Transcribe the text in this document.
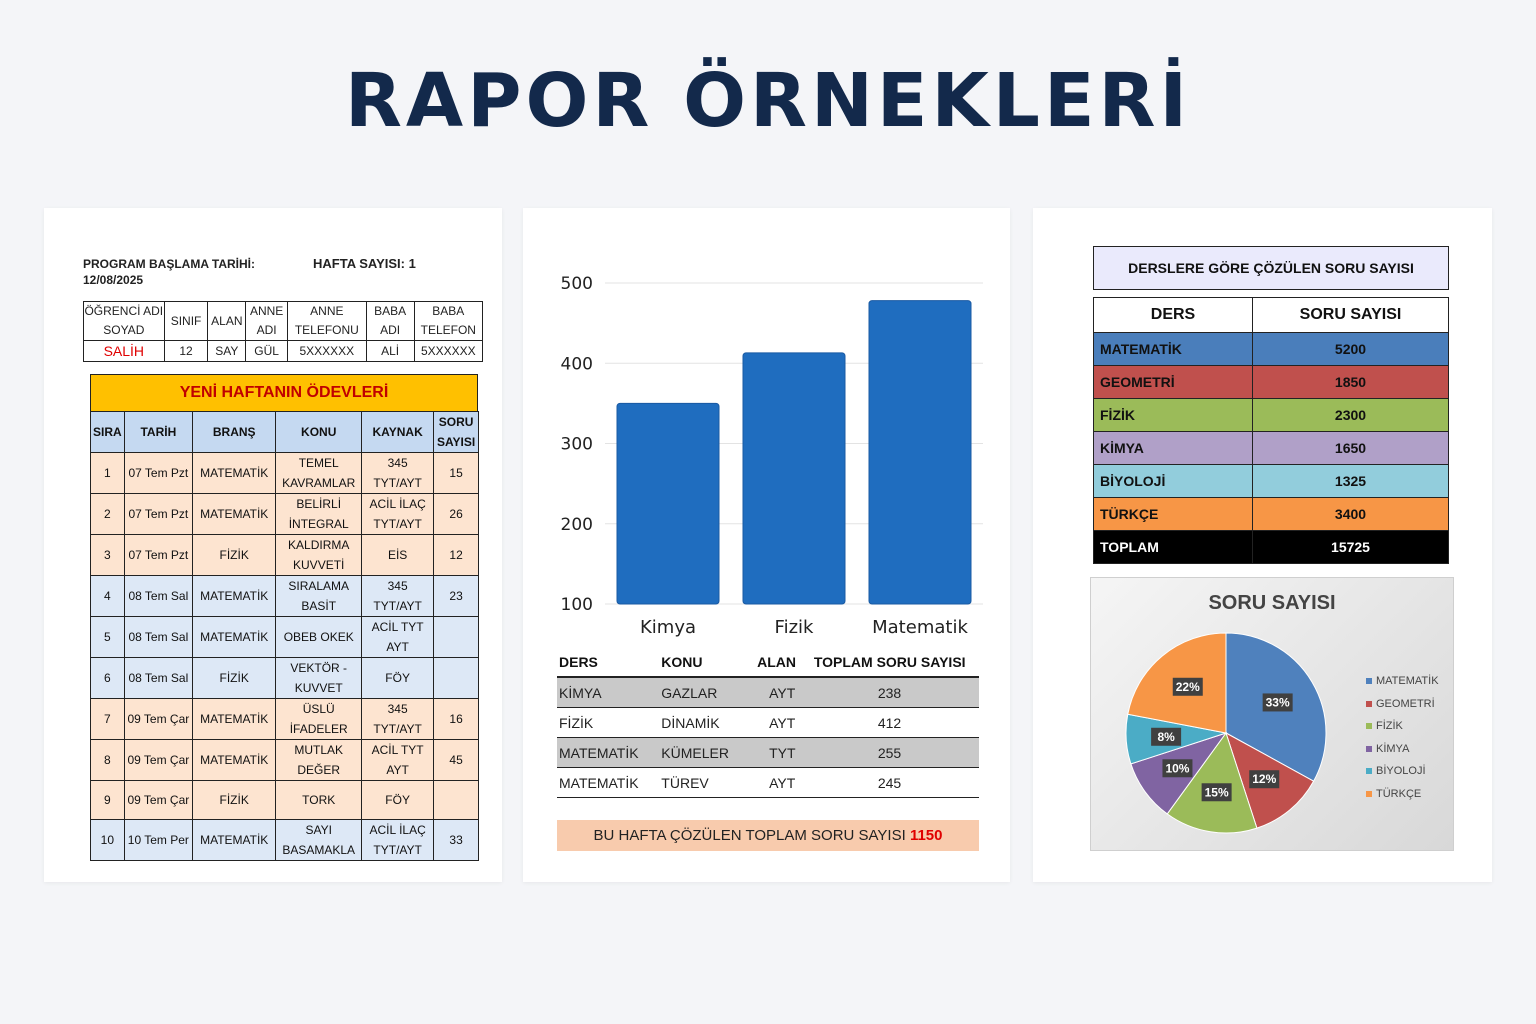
RAPOR ÖRNEKLERİ
PROGRAM BAŞLAMA TARİHİ:
12/08/2025
HAFTA SAYISI: 1
ÖĞRENCİ ADI SOYAD	SINIF	ALAN	ANNE ADI	ANNE TELEFONU	BABA ADI	BABA TELEFON
SALİH	12	SAY	GÜL	5XXXXXX	ALİ	5XXXXXX
YENİ HAFTANIN ÖDEVLERİ
SIRA	TARİH	BRANŞ	KONU	KAYNAK	SORU SAYISI
1	07 Tem Pzt	MATEMATİK	TEMEL KAVRAMLAR	345 TYT/AYT	15
2	07 Tem Pzt	MATEMATİK	BELİRLİ İNTEGRAL	ACİL İLAÇ TYT/AYT	26
3	07 Tem Pzt	FİZİK	KALDIRMA KUVVETİ	EİS	12
4	08 Tem Sal	MATEMATİK	SIRALAMA BASİT	345 TYT/AYT	23
5	08 Tem Sal	MATEMATİK	OBEB OKEK	ACİL TYT AYT	
6	08 Tem Sal	FİZİK	VEKTÖR - KUVVET	FÖY	
7	09 Tem Çar	MATEMATİK	ÜSLÜ İFADELER	345 TYT/AYT	16
8	09 Tem Çar	MATEMATİK	MUTLAK DEĞER	ACİL TYT AYT	45
9	09 Tem Çar	FİZİK	TORK	FÖY	
10	10 Tem Per	MATEMATİK	SAYI BASAMAKLA	ACİL İLAÇ TYT/AYT	33
100
200
300
400
500
Kimya	Fizik	Matematik
DERS	KONU	ALAN	TOPLAM SORU SAYISI
KİMYA	GAZLAR	AYT	238
FİZİK	DİNAMİK	AYT	412
MATEMATİK	KÜMELER	TYT	255
MATEMATİK	TÜREV	AYT	245
BU HAFTA ÇÖZÜLEN TOPLAM SORU SAYISI 1150
DERSLERE GÖRE ÇÖZÜLEN SORU SAYISI
DERS	SORU SAYISI
MATEMATİK	5200
GEOMETRİ	1850
FİZİK	2300
KİMYA	1650
BİYOLOJİ	1325
TÜRKÇE	3400
TOPLAM	15725
SORU SAYISI
33%
12%
15%
10%
8%
22%	MATEMATİK
GEOMETRİ
FİZİK
KİMYA
BİYOLOJİ
TÜRKÇE
